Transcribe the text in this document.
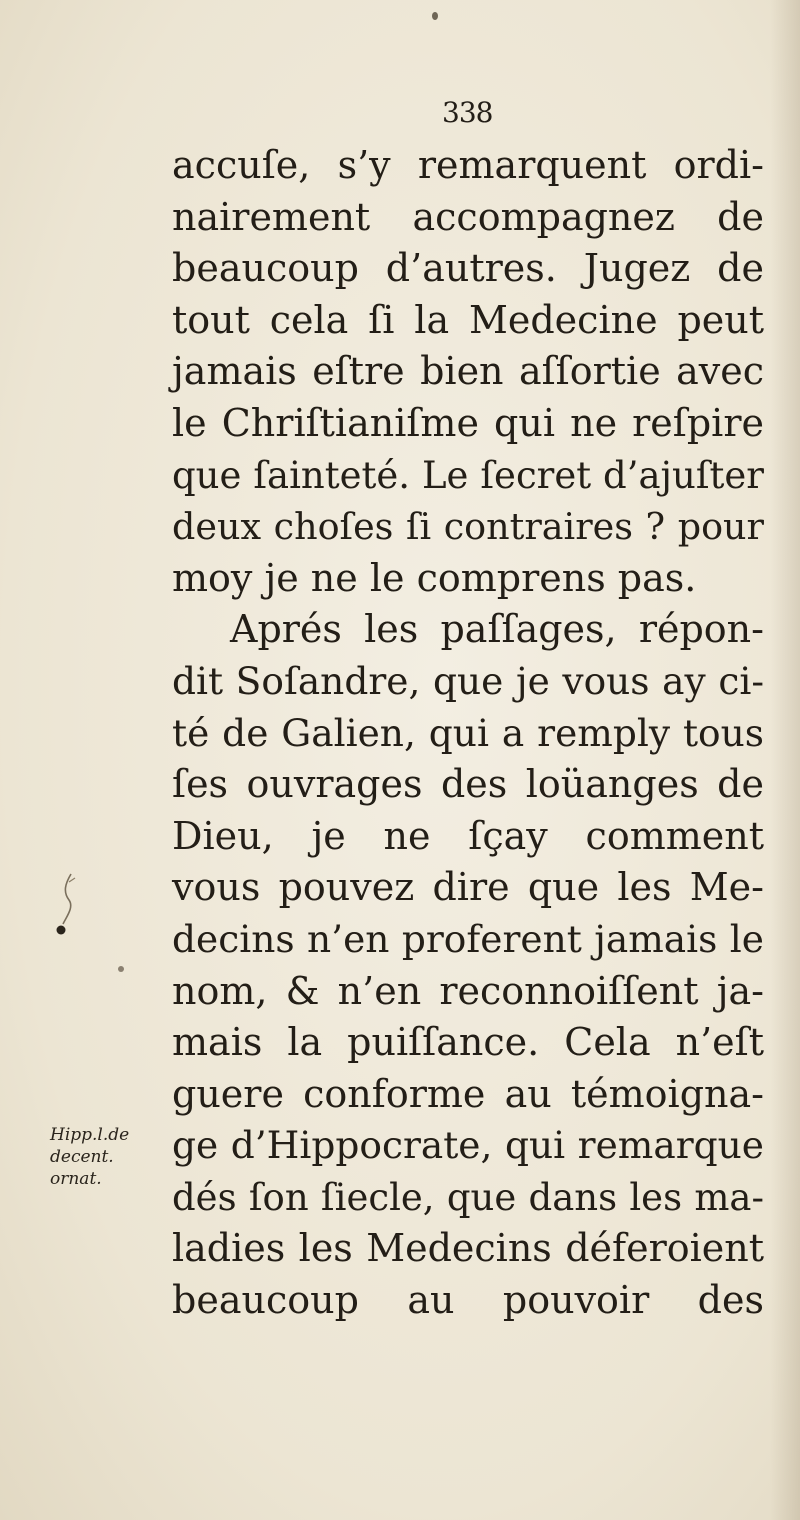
338
accuſe, s’y remarquent ordi-
nairement accompagnez de
beaucoup d’autres. Jugez de
tout cela ſi la Medecine peut
jamais eſtre bien aſſortie avec
le Chriſtianiſme qui ne reſpire
que ſainteté. Le ſecret d’ajuſter
deux choſes ſi contraires ? pour
moy je ne le comprens pas.
Aprés les paſſages, répon-
dit Soſandre, que je vous ay ci-
té de Galien, qui a remply tous
ſes ouvrages des loüanges de
Dieu, je ne ſçay comment
vous pouvez dire que les Me-
decins n’en proferent jamais le
nom, & n’en reconnoiſſent ja-
mais la puiſſance. Cela n’eſt
guere conforme au témoigna-
ge d’Hippocrate, qui remarque
dés ſon ſiecle, que dans les ma-
ladies les Medecins déferoient
beaucoup au pouvoir des
Hipp.l.de
decent.
ornat.
